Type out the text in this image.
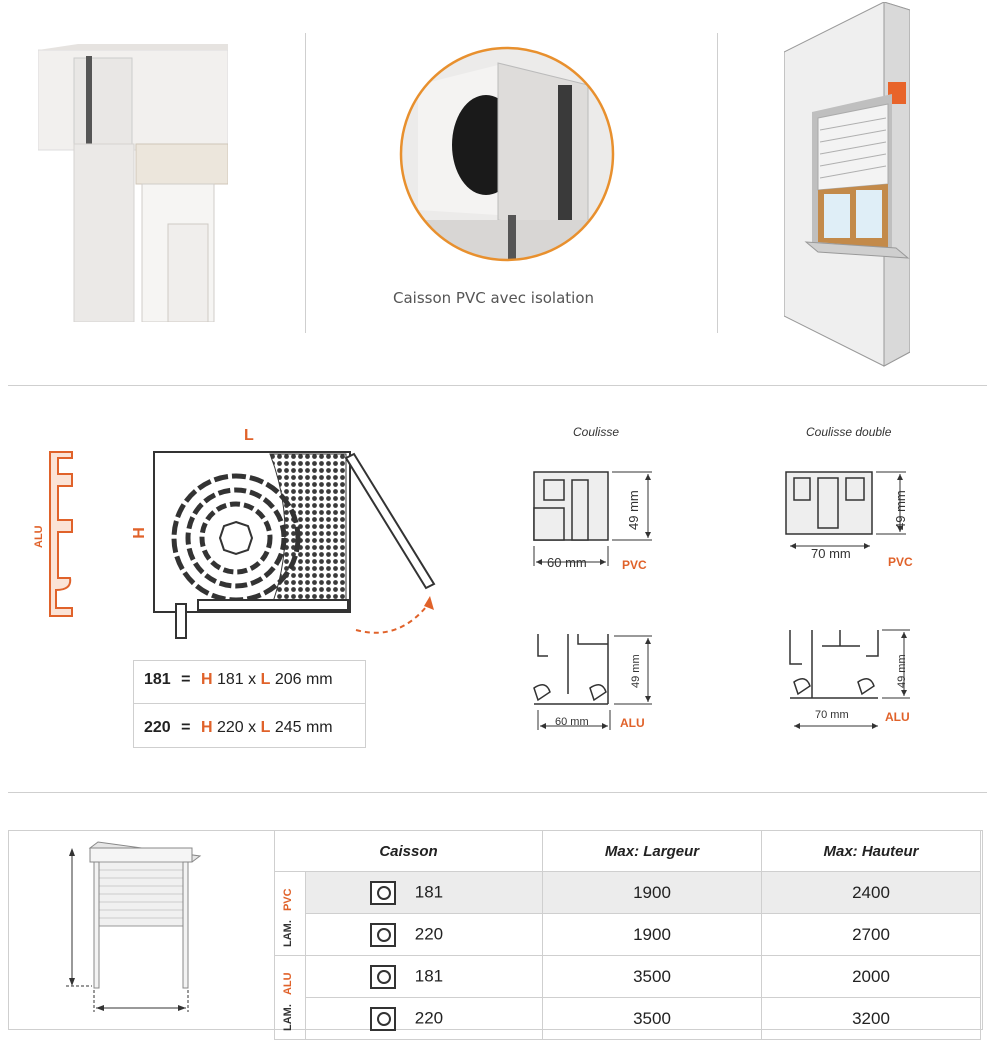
Caisson PVC avec isolation
ALU
L
H
181 = H 181 x L 206 mm
220 = H 220 x L 245 mm
Coulisse
60 mm
49 mm
PVC
60 mm
49 mm
ALU
Coulisse double
70 mm
49 mm
PVC
70 mm
49 mm
ALU
Caisson		Max: Largeur	Max: Hauteur

LAM. PVC	181	1900	2400

220	1900	2700

LAM. ALU	181	3500	2000

220	3500	3200
